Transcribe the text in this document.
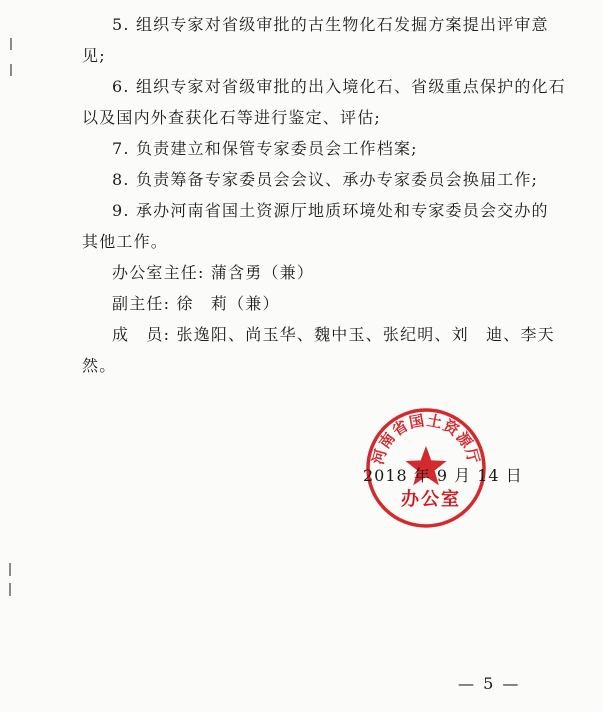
5. 组织专家对省级审批的古生物化石发掘方案提出评审意
见;
6. 组织专家对省级审批的出入境化石、省级重点保护的化石
以及国内外查获化石等进行鉴定、评估;
7. 负责建立和保管专家委员会工作档案;
8. 负责筹备专家委员会会议、承办专家委员会换届工作;
9. 承办河南省国土资源厅地质环境处和专家委员会交办的
其他工作。
办公室主任: 蒲含勇（兼）
副主任: 徐　莉（兼）
成　员: 张逸阳、尚玉华、魏中玉、张纪明、刘　迪、李天
然。
河南省国土资源厅
2018 年 9 月 14 日
办公室
— 5 —
